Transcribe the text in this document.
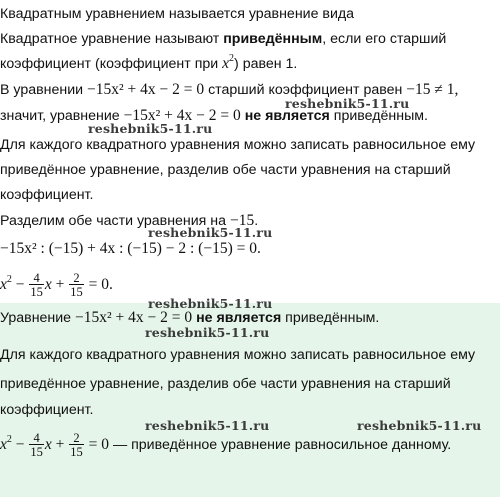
Квадратным уравнением называется уравнение вида
Квадратное уравнение называют приведённым, если его старший
коэффициент (коэффициент при $x^2$) равен 1.
В уравнении −15x² + 4x − 2 = 0 старший коэффициент равен −15 ≠ 1,
значит, уравнение −15x² + 4x − 2 = 0 не является приведённым.
Для каждого квадратного уравнения можно записать равносильное ему
приведённое уравнение, разделив обе части уравнения на старший
коэффициент.
Разделим обе части уравнения на −15.
−15x² : (−15) + 4x : (−15) − 2 : (−15) = 0.
$x^2 - \frac{4}{15}$ $x + \frac{2}{15} = 0$.
Уравнение −15x² + 4x − 2 = 0 не является приведённым.
Для каждого квадратного уравнения можно записать равносильное ему
приведённое уравнение, разделив обе части уравнения на старший
коэффициент.
$x^2 - \frac{4}{15}$ $x + \frac{2}{15} = 0$ — приведённое уравнение равносильное данному.
reshebnik5-11.ru
reshebnik5-11.ru
reshebnik5-11.ru
reshebnik5-11.ru
reshebnik5-11.ru
reshebnik5-11.ru	reshebnik5-11.ru
